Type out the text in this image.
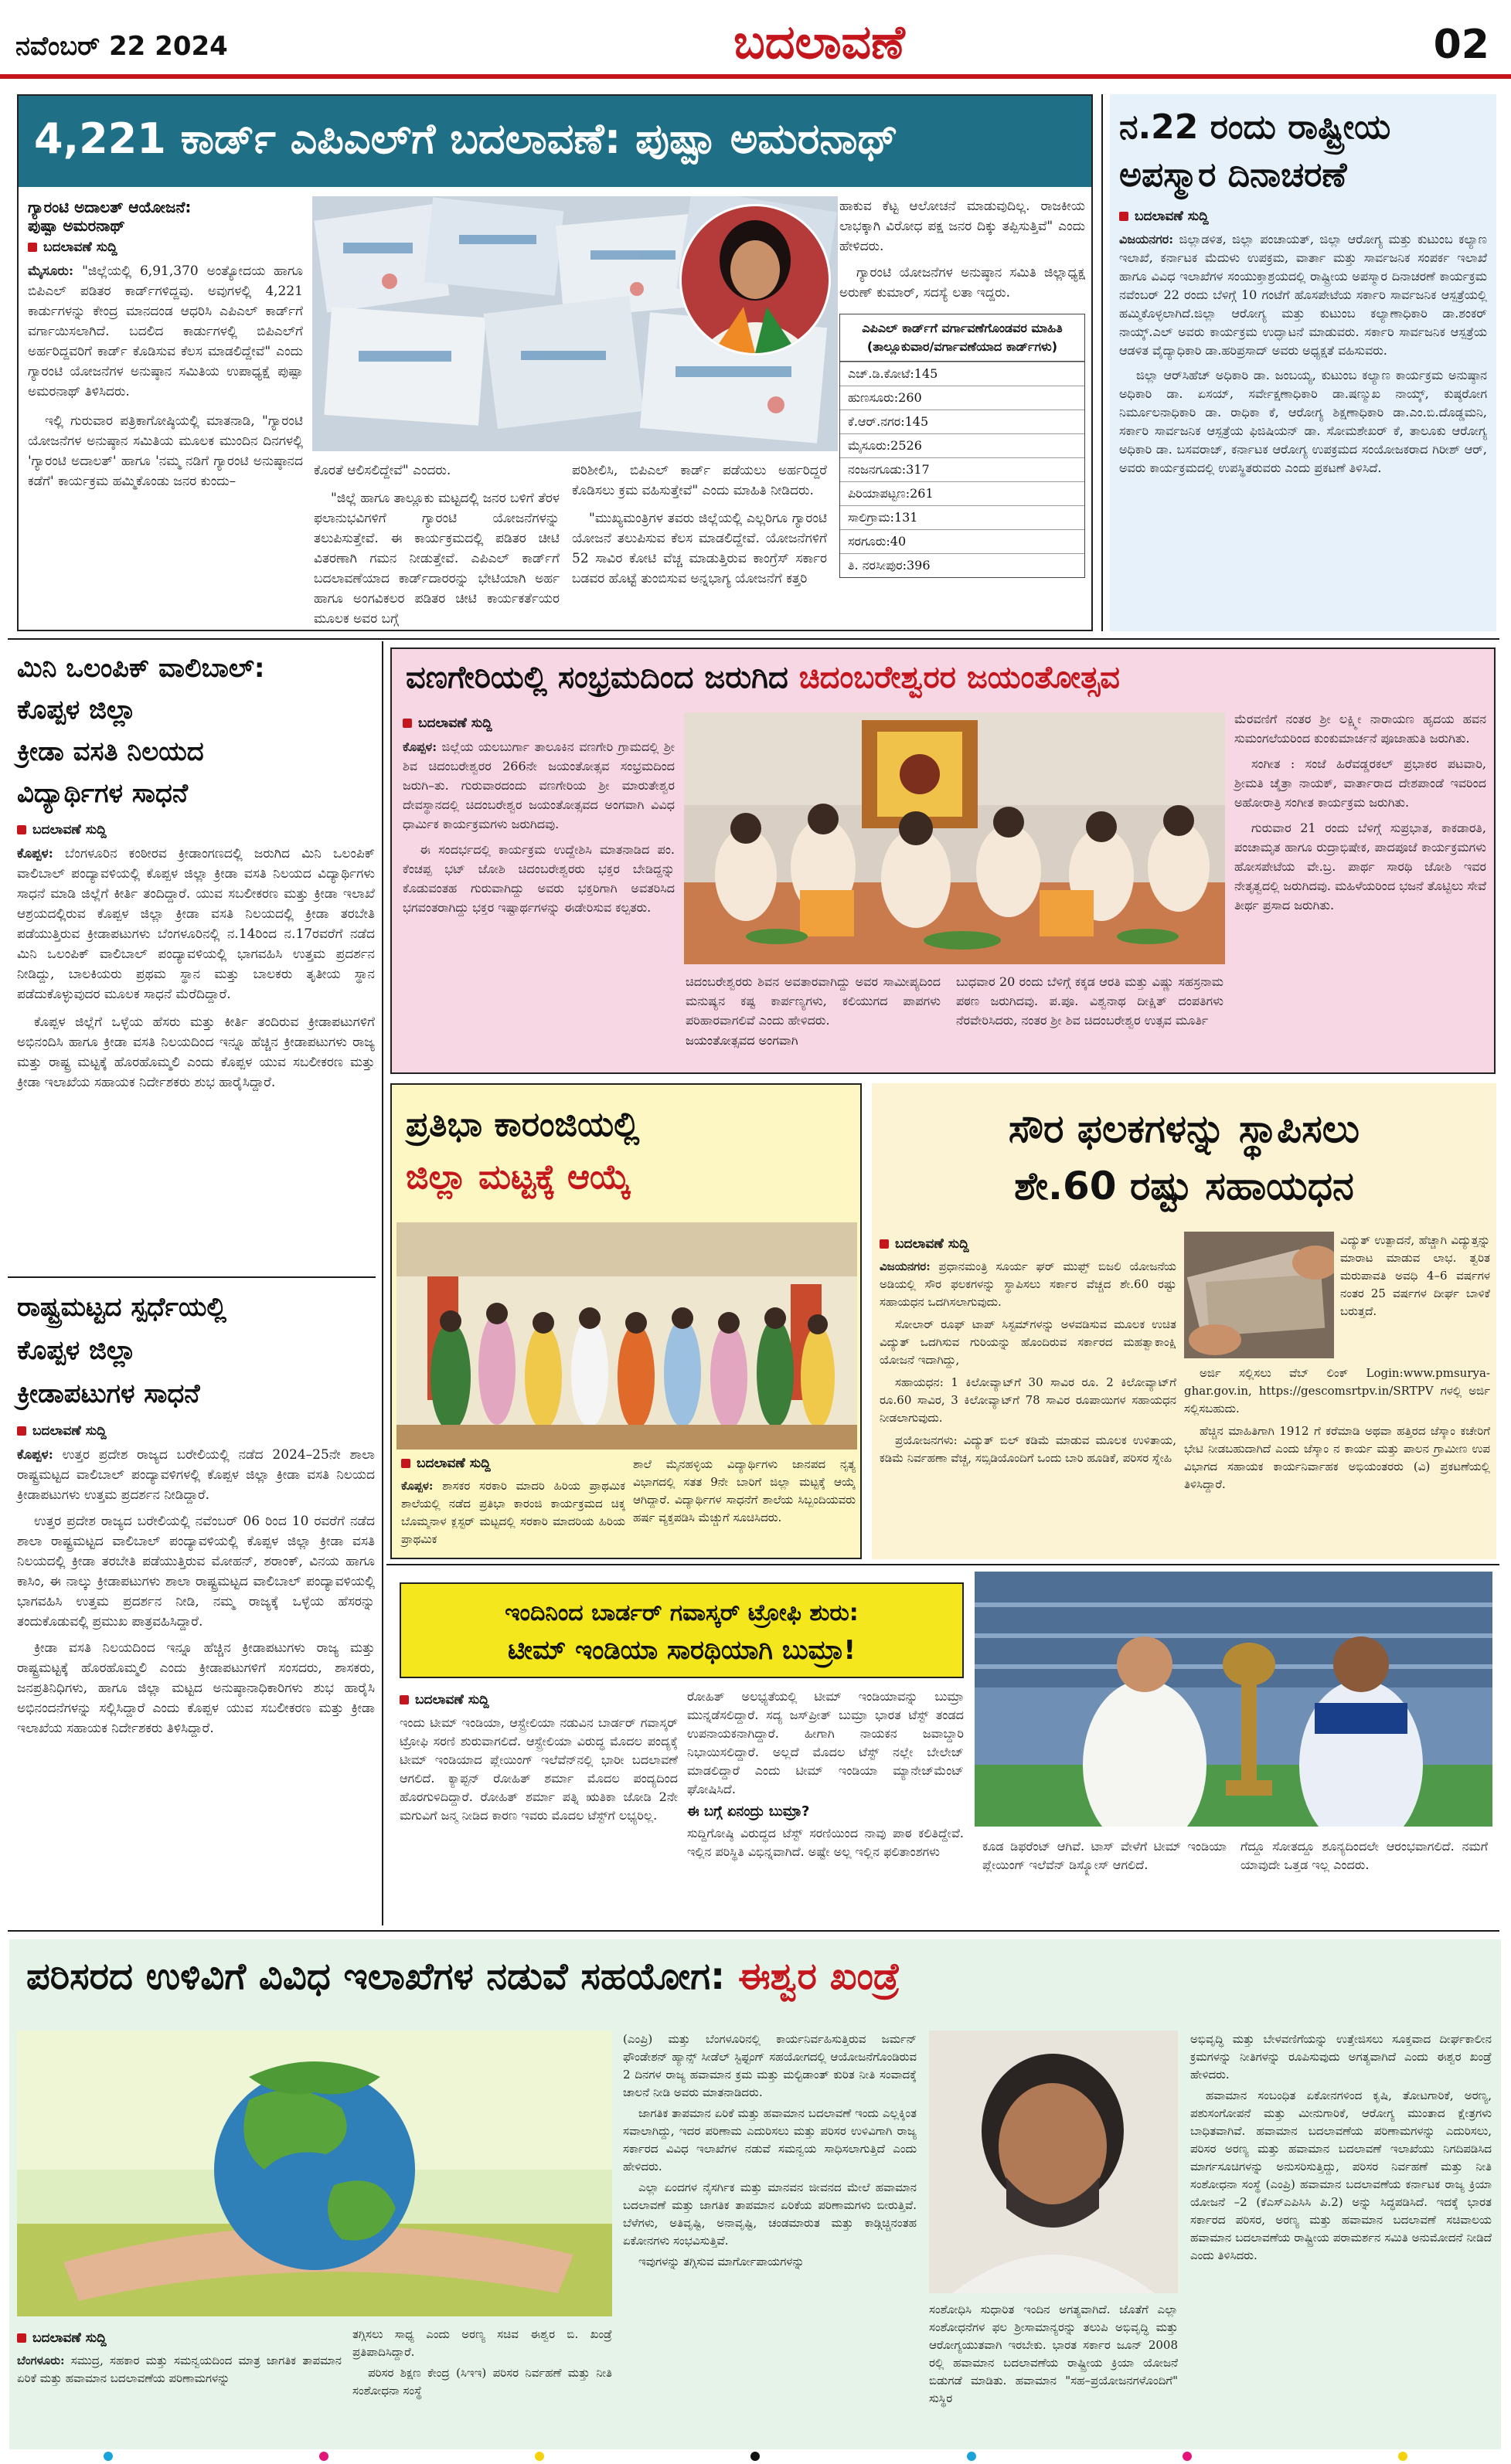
ನವೆಂಬರ್ 22 2024	ಬದಲಾವಣೆ	02
4,221 ಕಾರ್ಡ್ ಎಪಿಎಲ್‌ಗೆ ಬದಲಾವಣೆ: ಪುಷ್ಪಾ ಅಮರನಾಥ್
ಗ್ಯಾರಂಟಿ ಅದಾಲತ್ ಆಯೋಜನೆ:
ಪುಷ್ಪಾ ಅಮರನಾಥ್
ಬದಲಾವಣೆ ಸುದ್ದಿ

ಮೈಸೂರು: "ಜಿಲ್ಲೆಯಲ್ಲಿ 6,91,370 ಅಂತ್ಯೋದಯ ಹಾಗೂ ಬಿಪಿಎಲ್ ಪಡಿತರ ಕಾರ್ಡ್‌ಗಳಿದ್ದವು. ಅವುಗಳಲ್ಲಿ 4,221 ಕಾರ್ಡುಗಳನ್ನು ಕೇಂದ್ರ ಮಾನದಂಡ ಆಧರಿಸಿ ಎಪಿಎಲ್ ಕಾರ್ಡ್‌ಗೆ ವರ್ಗಾಯಿಸಲಾಗಿದೆ. ಬದಲಿದ ಕಾರ್ಡುಗಳಲ್ಲಿ ಬಿಪಿಎಲ್‌ಗೆ ಅರ್ಹರಿದ್ದವರಿಗೆ ಕಾರ್ಡ್ ಕೊಡಿಸುವ ಕೆಲಸ ಮಾಡಲಿದ್ದೇವೆ" ಎಂದು ಗ್ಯಾರಂಟಿ ಯೋಜನೆಗಳ ಅನುಷ್ಠಾನ ಸಮಿತಿಯ ಉಪಾಧ್ಯಕ್ಷೆ ಪುಷ್ಪಾ ಅಮರನಾಥ್ ತಿಳಿಸಿದರು.

ಇಲ್ಲಿ ಗುರುವಾರ ಪತ್ರಿಕಾಗೋಷ್ಠಿಯಲ್ಲಿ ಮಾತನಾಡಿ, "ಗ್ಯಾರಂಟಿ ಯೋಜನೆಗಳ ಅನುಷ್ಠಾನ ಸಮಿತಿಯ ಮೂಲಕ ಮುಂದಿನ ದಿನಗಳಲ್ಲಿ 'ಗ್ಯಾರಂಟಿ ಅದಾಲತ್' ಹಾಗೂ 'ನಮ್ಮ ನಡಿಗೆ ಗ್ಯಾರಂಟಿ ಅನುಷ್ಠಾನದ ಕಡೆಗೆ' ಕಾರ್ಯಕ್ರಮ ಹಮ್ಮಿಕೊಂಡು ಜನರ ಕುಂದು–

ಕೊರತೆ ಆಲಿಸಲಿದ್ದೇವೆ" ಎಂದರು.

"ಜಿಲ್ಲೆ ಹಾಗೂ ತಾಲ್ಲೂಕು ಮಟ್ಟದಲ್ಲಿ ಜನರ ಬಳಿಗೆ ತೆರಳ ಫಲಾನುಭವಿಗಳಿಗೆ ಗ್ಯಾರಂಟಿ ಯೋಜನೆಗಳನ್ನು ತಲುಪಿಸುತ್ತೇವೆ. ಈ ಕಾರ್ಯಕ್ರಮದಲ್ಲಿ ಪಡಿತರ ಚೀಟಿ ವಿತರಣಾಗಿ ಗಮನ ನೀಡುತ್ತೇವೆ. ಎಪಿಎಲ್ ಕಾರ್ಡ್‌ಗೆ ಬದಲಾವಣೆಯಾದ ಕಾರ್ಡ್‌ದಾರರನ್ನು ಭೇಟಿಯಾಗಿ ಅರ್ಹ ಹಾಗೂ ಅಂಗವಿಕಲರ ಪಡಿತರ ಚೀಟಿ ಕಾರ್ಯಕರ್ತೆಯರ ಮೂಲಕ ಅವರ ಬಗ್ಗೆ

ಪರಿಶೀಲಿಸಿ, ಬಿಪಿಎಲ್ ಕಾರ್ಡ್ ಪಡೆಯಲು ಅರ್ಹರಿದ್ದರೆ ಕೊಡಿಸಲು ಕ್ರಮ ವಹಿಸುತ್ತೇವೆ" ಎಂದು ಮಾಹಿತಿ ನೀಡಿದರು.

"ಮುಖ್ಯಮಂತ್ರಿಗಳ ತವರು ಜಿಲ್ಲೆಯಲ್ಲಿ ಎಲ್ಲರಿಗೂ ಗ್ಯಾರಂಟಿ ಯೋಜನೆ ತಲುಪಿಸುವ ಕೆಲಸ ಮಾಡಲಿದ್ದೇವೆ. ಯೋಜನೆಗಳಿಗೆ 52 ಸಾವಿರ ಕೋಟಿ ವೆಚ್ಚ ಮಾಡುತ್ತಿರುವ ಕಾಂಗ್ರೆಸ್ ಸರ್ಕಾರ ಬಡವರ ಹೊಟ್ಟೆ ತುಂಬಿಸುವ ಅನ್ನಭಾಗ್ಯ ಯೋಜನೆಗೆ ಕತ್ತರಿ

ಹಾಕುವ ಕೆಟ್ಟ ಆಲೋಚನೆ ಮಾಡುವುದಿಲ್ಲ. ರಾಜಕೀಯ ಲಾಭಕ್ಕಾಗಿ ವಿರೋಧ ಪಕ್ಷ ಜನರ ದಿಕ್ಕು ತಪ್ಪಿಸುತ್ತಿವೆ" ಎಂದು ಹೇಳಿದರು.

ಗ್ಯಾರಂಟಿ ಯೋಜನೆಗಳ ಅನುಷ್ಠಾನ ಸಮಿತಿ ಜಿಲ್ಲಾಧ್ಯಕ್ಷ ಅರುಣ್ ಕುಮಾರ್, ಸದಸ್ಯೆ ಲತಾ ಇದ್ದರು.

ಎಪಿಎಲ್ ಕಾರ್ಡ್‌ಗೆ ವರ್ಗಾವಣೆಗೊಂಡವರ ಮಾಹಿತಿ (ತಾಲ್ಲೂಕುವಾರ/ವರ್ಗಾವಣೆಯಾದ ಕಾರ್ಡ್‌ಗಳು)
ಎಚ್.ಡಿ.ಕೋಟೆ:145
ಹುಣಸೂರು:260
ಕೆ.ಆರ್.ನಗರ:145
ಮೈಸೂರು:2526
ನಂಜನಗೂಡು:317
ಪಿರಿಯಾಪಟ್ಟಣ:261
ಸಾಲಿಗ್ರಾಮ:131
ಸರಗೂರು:40
ತಿ. ನರಸೀಪುರ:396
ನ.22 ರಂದು ರಾಷ್ಟ್ರೀಯ
ಅಪಸ್ಮಾರ ದಿನಾಚರಣೆ
ಬದಲಾವಣೆ ಸುದ್ದಿ

ವಿಜಯನಗರ: ಜಿಲ್ಲಾಡಳಿತ, ಜಿಲ್ಲಾ ಪಂಚಾಯತ್, ಜಿಲ್ಲಾ ಆರೋಗ್ಯ ಮತ್ತು ಕುಟುಂಬ ಕಲ್ಯಾಣ ಇಲಾಖೆ, ಕರ್ನಾಟಕ ಮೆದುಳು ಉಪಕ್ರಮ, ವಾರ್ತಾ ಮತ್ತು ಸಾರ್ವಜನಿಕ ಸಂಪರ್ಕ ಇಲಾಖೆ ಹಾಗೂ ವಿವಿಧ ಇಲಾಖೆಗಳ ಸಂಯುಕ್ತಾಶ್ರಯದಲ್ಲಿ ರಾಷ್ಟ್ರೀಯ ಅಪಸ್ಮಾರ ದಿನಾಚರಣೆ ಕಾರ್ಯಕ್ರಮ ನವೆಂಬರ್ 22 ರಂದು ಬೆಳಿಗ್ಗೆ 10 ಗಂಟೆಗೆ ಹೊಸಪೇಟೆಯ ಸರ್ಕಾರಿ ಸಾರ್ವಜನಿಕ ಆಸ್ಪತ್ರೆಯಲ್ಲಿ ಹಮ್ಮಿಕೊಳ್ಳಲಾಗಿದೆ.ಜಿಲ್ಲಾ ಆರೋಗ್ಯ ಮತ್ತು ಕುಟುಂಬ ಕಲ್ಯಾಣಾಧಿಕಾರಿ ಡಾ.ಶಂಕರ್ ನಾಯ್ಕ್.ಎಲ್ ಅವರು ಕಾರ್ಯಕ್ರಮ ಉದ್ಘಾಟನೆ ಮಾಡುವರು. ಸರ್ಕಾರಿ ಸಾರ್ವಜನಿಕ ಆಸ್ಪತ್ರೆಯ ಆಡಳಿತ ವೈದ್ಯಾಧಿಕಾರಿ ಡಾ.ಹರಿಪ್ರಸಾದ್ ಅವರು ಅಧ್ಯಕ್ಷತೆ ವಹಿಸುವರು.

ಜಿಲ್ಲಾ ಆರ್‌ಸಿಹೆಚ್ ಅಧಿಕಾರಿ ಡಾ. ಜಂಬಯ್ಯ, ಕುಟುಂಬ ಕಲ್ಯಾಣ ಕಾರ್ಯಕ್ರಮ ಅನುಷ್ಠಾನ ಅಧಿಕಾರಿ ಡಾ. ಏಸಯ್, ಸರ್ವೇಕ್ಷಣಾಧಿಕಾರಿ ಡಾ.ಷಣ್ಮುಖ ನಾಯ್ಕ್, ಕುಷ್ಠರೋಗ ನಿರ್ಮೂಲನಾಧಿಕಾರಿ ಡಾ. ರಾಧಿಕಾ ಕೆ, ಆರೋಗ್ಯ ಶಿಕ್ಷಣಾಧಿಕಾರಿ ಡಾ.ಎಂ.ಬಿ.ದೊಡ್ಡಮನಿ, ಸರ್ಕಾರಿ ಸಾರ್ವಜನಿಕ ಆಸ್ಪತ್ರೆಯ ಫಿಜಿಷಿಯನ್ ಡಾ. ಸೋಮಶೇಖರ್ ಕೆ, ತಾಲೂಕು ಆರೋಗ್ಯ ಅಧಿಕಾರಿ ಡಾ. ಬಸವರಾಜ್, ಕರ್ನಾಟಕ ಆರೋಗ್ಯ ಉಪಕ್ರಮದ ಸಂಯೋಜಕರಾದ ಗಿರೀಶ್ ಆರ್, ಅವರು ಕಾರ್ಯಕ್ರಮದಲ್ಲಿ ಉಪಸ್ಥಿತರುವರು ಎಂದು ಪ್ರಕಟಣೆ ತಿಳಿಸಿದೆ.

ಮಿನಿ ಒಲಂಪಿಕ್ ವಾಲಿಬಾಲ್:
ಕೊಪ್ಪಳ ಜಿಲ್ಲಾ
ಕ್ರೀಡಾ ವಸತಿ ನಿಲಯದ
ವಿದ್ಯಾರ್ಥಿಗಳ ಸಾಧನೆ
ಬದಲಾವಣೆ ಸುದ್ದಿ

ಕೊಪ್ಪಳ: ಬೆಂಗಳೂರಿನ ಕಂಠೀರವ ಕ್ರೀಡಾಂಗಣದಲ್ಲಿ ಜರುಗಿದ ಮಿನಿ ಒಲಂಪಿಕ್ ವಾಲಿಬಾಲ್ ಪಂದ್ಯಾವಳಿಯಲ್ಲಿ ಕೊಪ್ಪಳ ಜಿಲ್ಲಾ ಕ್ರೀಡಾ ವಸತಿ ನಿಲಯದ ವಿದ್ಯಾರ್ಥಿಗಳು ಸಾಧನೆ ಮಾಡಿ ಜಿಲ್ಲೆಗೆ ಕೀರ್ತಿ ತಂದಿದ್ದಾರೆ. ಯುವ ಸಬಲೀಕರಣ ಮತ್ತು ಕ್ರೀಡಾ ಇಲಾಖೆ ಆಶ್ರಯದಲ್ಲಿರುವ ಕೊಪ್ಪಳ ಜಿಲ್ಲಾ ಕ್ರೀಡಾ ವಸತಿ ನಿಲಯದಲ್ಲಿ ಕ್ರೀಡಾ ತರಬೇತಿ ಪಡೆಯುತ್ತಿರುವ ಕ್ರೀಡಾಪಟುಗಳು ಬೆಂಗಳೂರಿನಲ್ಲಿ ನ.14ರಿಂದ ನ.17ರವರೆಗೆ ನಡೆದ ಮಿನಿ ಒಲಂಪಿಕ್ ವಾಲಿಬಾಲ್ ಪಂದ್ಯಾವಳಿಯಲ್ಲಿ ಭಾಗವಹಿಸಿ ಉತ್ತಮ ಪ್ರದರ್ಶನ ನೀಡಿದ್ದು, ಬಾಲಕಿಯರು ಪ್ರಥಮ ಸ್ಥಾನ ಮತ್ತು ಬಾಲಕರು ತೃತೀಯ ಸ್ಥಾನ ಪಡೆದುಕೊಳ್ಳುವುದರ ಮೂಲಕ ಸಾಧನೆ ಮೆರೆದಿದ್ದಾರೆ.

ಕೊಪ್ಪಳ ಜಿಲ್ಲೆಗೆ ಒಳ್ಳೆಯ ಹೆಸರು ಮತ್ತು ಕೀರ್ತಿ ತಂದಿರುವ ಕ್ರೀಡಾಪಟುಗಳಿಗೆ ಅಭಿನಂದಿಸಿ ಹಾಗೂ ಕ್ರೀಡಾ ವಸತಿ ನಿಲಯದಿಂದ ಇನ್ನೂ ಹೆಚ್ಚಿನ ಕ್ರೀಡಾಪಟುಗಳು ರಾಜ್ಯ ಮತ್ತು ರಾಷ್ಟ್ರ ಮಟ್ಟಕ್ಕೆ ಹೊರಹೊಮ್ಮಲಿ ಎಂದು ಕೊಪ್ಪಳ ಯುವ ಸಬಲೀಕರಣ ಮತ್ತು ಕ್ರೀಡಾ ಇಲಾಖೆಯ ಸಹಾಯಕ ನಿರ್ದೇಶಕರು ಶುಭ ಹಾರೈಸಿದ್ದಾರೆ.

ರಾಷ್ಟ್ರಮಟ್ಟದ ಸ್ಪರ್ಧೆಯಲ್ಲಿ
ಕೊಪ್ಪಳ ಜಿಲ್ಲಾ
ಕ್ರೀಡಾಪಟುಗಳ ಸಾಧನೆ
ಬದಲಾವಣೆ ಸುದ್ದಿ

ಕೊಪ್ಪಳ: ಉತ್ತರ ಪ್ರದೇಶ ರಾಜ್ಯದ ಬರೇಲಿಯಲ್ಲಿ ನಡೆದ 2024–25ನೇ ಶಾಲಾ ರಾಷ್ಟ್ರಮಟ್ಟದ ವಾಲಿಬಾಲ್ ಪಂದ್ಯಾವಳಿಗಳಲ್ಲಿ ಕೊಪ್ಪಳ ಜಿಲ್ಲಾ ಕ್ರೀಡಾ ವಸತಿ ನಿಲಯದ ಕ್ರೀಡಾಪಟುಗಳು ಉತ್ತಮ ಪ್ರದರ್ಶನ ನೀಡಿದ್ದಾರೆ.

ಉತ್ತರ ಪ್ರದೇಶ ರಾಜ್ಯದ ಬರೇಲಿಯಲ್ಲಿ ನವೆಂಬರ್ 06 ರಿಂದ 10 ರವರೆಗೆ ನಡೆದ ಶಾಲಾ ರಾಷ್ಟ್ರಮಟ್ಟದ ವಾಲಿಬಾಲ್ ಪಂದ್ಯಾವಳಿಯಲ್ಲಿ ಕೊಪ್ಪಳ ಜಿಲ್ಲಾ ಕ್ರೀಡಾ ವಸತಿ ನಿಲಯದಲ್ಲಿ ಕ್ರೀಡಾ ತರಬೇತಿ ಪಡೆಯುತ್ತಿರುವ ಮೋಹನ್, ಶರಾಂಕ್, ವಿನಯ ಹಾಗೂ ಕಾಸಿಂ, ಈ ನಾಲ್ಕು ಕ್ರೀಡಾಪಟುಗಳು ಶಾಲಾ ರಾಷ್ಟ್ರಮಟ್ಟದ ವಾಲಿಬಾಲ್ ಪಂದ್ಯಾವಳಿಯಲ್ಲಿ ಭಾಗವಹಿಸಿ ಉತ್ತಮ ಪ್ರದರ್ಶನ ನೀಡಿ, ನಮ್ಮ ರಾಜ್ಯಕ್ಕೆ ಒಳ್ಳೆಯ ಹೆಸರನ್ನು ತಂದುಕೊಡುವಲ್ಲಿ ಪ್ರಮುಖ ಪಾತ್ರವಹಿಸಿದ್ದಾರೆ.

ಕ್ರೀಡಾ ವಸತಿ ನಿಲಯದಿಂದ ಇನ್ನೂ ಹೆಚ್ಚಿನ ಕ್ರೀಡಾಪಟುಗಳು ರಾಜ್ಯ ಮತ್ತು ರಾಷ್ಟ್ರಮಟ್ಟಕ್ಕೆ ಹೊರಹೊಮ್ಮಲಿ ಎಂದು ಕ್ರೀಡಾಪಟುಗಳಿಗೆ ಸಂಸದರು, ಶಾಸಕರು, ಜನಪ್ರತಿನಿಧಿಗಳು, ಹಾಗೂ ಜಿಲ್ಲಾ ಮಟ್ಟದ ಅನುಷ್ಠಾನಾಧಿಕಾರಿಗಳು ಶುಭ ಹಾರೈಸಿ ಅಭಿನಂದನೆಗಳನ್ನು ಸಲ್ಲಿಸಿದ್ದಾರೆ ಎಂದು ಕೊಪ್ಪಳ ಯುವ ಸಬಲೀಕರಣ ಮತ್ತು ಕ್ರೀಡಾ ಇಲಾಖೆಯ ಸಹಾಯಕ ನಿರ್ದೇಶಕರು ತಿಳಿಸಿದ್ದಾರೆ.

ವಣಗೇರಿಯಲ್ಲಿ ಸಂಭ್ರಮದಿಂದ ಜರುಗಿದ ಚಿದಂಬರೇಶ್ವರರ ಜಯಂತೋತ್ಸವ
ಬದಲಾವಣೆ ಸುದ್ದಿ

ಕೊಪ್ಪಳ: ಜಿಲ್ಲೆಯ ಯಲಬುರ್ಗಾ ತಾಲೂಕಿನ ವಣಗೇರಿ ಗ್ರಾಮದಲ್ಲಿ ಶ್ರೀ ಶಿವ ಚಿದಂಬರೇಶ್ವರರ 266ನೇ ಜಯಂತೋತ್ಸವ ಸಂಭ್ರಮದಿಂದ ಜರುಗಿ–ತು. ಗುರುವಾರದಂದು ವಣಗೇರಿಯ ಶ್ರೀ ಮಾರುತೇಶ್ವರ ದೇವಸ್ಥಾನದಲ್ಲಿ ಚಿದಂಬರೇಶ್ವರ ಜಯಂತೋತ್ಸವದ ಅಂಗವಾಗಿ ವಿವಿಧ ಧಾರ್ಮಿಕ ಕಾರ್ಯಕ್ರಮಗಳು ಜರುಗಿದವು.

ಈ ಸಂದರ್ಭದಲ್ಲಿ ಕಾರ್ಯಕ್ರಮ ಉದ್ದೇಶಿಸಿ ಮಾತನಾಡಿದ ಪಂ. ಕೆಂಚಪ್ಪ ಭಟ್ ಜೋಶಿ ಚಿದಂಬರೇಶ್ವರರು ಭಕ್ತರ ಬೇಡಿದ್ದನ್ನು ಕೊಡುವಂತಹ ಗುರುವಾಗಿದ್ದು ಅವರು ಭಕ್ತರಿಗಾಗಿ ಅವತರಿಸಿದ ಭಗವಂತರಾಗಿದ್ದು ಭಕ್ತರ ಇಷ್ಟಾರ್ಥಗಳನ್ನು ಈಡೇರಿಸುವ ಕಲ್ಪತರು.

ಚಿದಂಬರೇಶ್ವರರು ಶಿವನ ಅವತಾರವಾಗಿದ್ದು ಅವರ ಸಾಮೀಪ್ಯದಿಂದ ಮನುಷ್ಯನ ಕಷ್ಟ ಕಾರ್ಪಣ್ಯಗಳು, ಕಲಿಯುಗದ ಪಾಪಗಳು ಪರಿಹಾರವಾಗಲಿವೆ ಎಂದು ಹೇಳಿದರು.

ಜಯಂತೋತ್ಸವದ ಅಂಗವಾಗಿ

ಬುಧವಾರ 20 ರಂದು ಬೆಳಿಗ್ಗೆ ಕಕ್ಕಡ ಆರತಿ ಮತ್ತು ವಿಷ್ಣು ಸಹಸ್ರನಾಮ ಪಠಣ ಜರುಗಿದವು. ಪ.ಪೂ. ವಿಶ್ವನಾಥ ದೀಕ್ಷಿತ್ ದಂಪತಿಗಳು ನೆರವೇರಿಸಿದರು, ನಂತರ ಶ್ರೀ ಶಿವ ಚಿದಂಬರೇಶ್ವರ ಉತ್ಸವ ಮೂರ್ತಿ

ಮೆರವಣಿಗೆ ನಂತರ ಶ್ರೀ ಲಕ್ಷ್ಮೀ ನಾರಾಯಣ ಹೃದಯ ಹವನ ಸುಮಂಗಲೆಯರಿಂದ ಕುಂಕುಮಾರ್ಚನೆ ಪೂಜಾಹುತಿ ಜರುಗಿತು.

ಸಂಗೀತ : ಸಂಜೆ ಹಿರೆವಡ್ಡರಕಲ್ ಪ್ರಭಾಕರ ಪಟವಾರಿ, ಶ್ರೀಮತಿ ಚೈತ್ರಾ ನಾಯಕ್, ವಾರ್ತಾರಾದ ದೇಶಪಾಂಡೆ ಇವರಿಂದ ಅಹೋರಾತ್ರಿ ಸಂಗೀತ ಕಾರ್ಯಕ್ರಮ ಜರುಗಿತು.

ಗುರುವಾರ 21 ರಂದು ಬೆಳಿಗ್ಗೆ ಸುಪ್ರಭಾತ, ಕಾಕಡಾರತಿ, ಪಂಚಾಮೃತ ಹಾಗೂ ರುದ್ರಾಭಿಷೇಕ, ಪಾದಪೂಜೆ ಕಾರ್ಯಕ್ರಮಗಳು ಹೋಸಪೇಟೆಯ ವೇ.ಬ್ರ. ಪಾರ್ಥ ಸಾರಥಿ ಜೋಶಿ ಇವರ ನೇತೃತ್ವದಲ್ಲಿ ಜರುಗಿದವು. ಮಹಿಳೆಯರಿಂದ ಭಜನೆ ತೊಟ್ಟಿಲು ಸೇವೆ ತೀರ್ಥ ಪ್ರಸಾದ ಜರುಗಿತು.

ಪ್ರತಿಭಾ ಕಾರಂಜಿಯಲ್ಲಿ
ಜಿಲ್ಲಾ ಮಟ್ಟಕ್ಕೆ ಆಯ್ಕೆ
ಬದಲಾವಣೆ ಸುದ್ದಿ

ಕೊಪ್ಪಳ: ಶಾಸಕರ ಸರಕಾರಿ ಮಾದರಿ ಹಿರಿಯ ಪ್ರಾಥಮಿಕ ಶಾಲೆಯಲ್ಲಿ ನಡೆದ ಪ್ರತಿಭಾ ಕಾರಂಜಿ ಕಾರ್ಯಕ್ರಮದ ಚಿಕ್ಕ ಬೊಮ್ಮನಾಳ ಕ್ಲಸ್ಟರ್ ಮಟ್ಟದಲ್ಲಿ ಸರಕಾರಿ ಮಾದರಿಯ ಹಿರಿಯ ಪ್ರಾಥಮಿಕ

ಶಾಲೆ ಮೈನಹಳ್ಳಿಯ ವಿದ್ಯಾರ್ಥಿಗಳು ಜಾನಪದ ನೃತ್ಯ ವಿಭಾಗದಲ್ಲಿ ಸತತ 9ನೇ ಬಾರಿಗೆ ಜಿಲ್ಲಾ ಮಟ್ಟಕ್ಕೆ ಆಯ್ಕೆ ಆಗಿದ್ದಾರೆ. ವಿದ್ಯಾರ್ಥಿಗಳ ಸಾಧನೆಗೆ ಶಾಲೆಯ ಸಿಬ್ಬಂದಿಯವರು ಹರ್ಷ ವ್ಯಕ್ತಪಡಿಸಿ ಮೆಚ್ಚುಗೆ ಸೂಚಿಸಿದರು.

ಸೌರ ಫಲಕಗಳನ್ನು ಸ್ಥಾಪಿಸಲು
ಶೇ.60 ರಷ್ಟು ಸಹಾಯಧನ
ಬದಲಾವಣೆ ಸುದ್ದಿ

ವಿಜಯನಗರ: ಪ್ರಧಾನಮಂತ್ರಿ ಸೂರ್ಯ ಘರ್ ಮುಫ್ತ್ ಬಿಜಲಿ ಯೋಜನೆಯ ಅಡಿಯಲ್ಲಿ ಸೌರ ಫಲಕಗಳನ್ನು ಸ್ಥಾಪಿಸಲು ಸರ್ಕಾರ ವೆಚ್ಚದ ಶೇ.60 ರಷ್ಟು ಸಹಾಯಧನ ಒದಗಿಸಲಾಗುವುದು.

ಸೋಲಾರ್ ರೂಫ್ ಟಾಪ್ ಸಿಸ್ಟಮ್‌ಗಳನ್ನು ಅಳವಡಿಸುವ ಮೂಲಕ ಉಚಿತ ವಿದ್ಯುತ್ ಒದಗಿಸುವ ಗುರಿಯನ್ನು ಹೊಂದಿರುವ ಸರ್ಕಾರದ ಮಹತ್ವಾಕಾಂಕ್ಷಿ ಯೋಜನೆ ಇದಾಗಿದ್ದು,

ಸಹಾಯಧನ: 1 ಕಿಲೋವ್ಯಾಟ್‌ಗೆ 30 ಸಾವಿರ ರೂ. 2 ಕಿಲೋವ್ಯಾಟ್‌ಗೆ ರೂ.60 ಸಾವಿರ, 3 ಕಿಲೋವ್ಯಾಟ್‌ಗೆ 78 ಸಾವಿರ ರೂಪಾಯಿಗಳ ಸಹಾಯಧನ ನೀಡಲಾಗುವುದು.

ಪ್ರಯೋಜನಗಳು: ವಿದ್ಯುತ್ ಬಿಲ್ ಕಡಿಮೆ ಮಾಡುವ ಮೂಲಕ ಉಳಿತಾಯ, ಕಡಿಮೆ ನಿರ್ವಹಣಾ ವೆಚ್ಚ, ಸಬ್ಸಿಡಿಯೊಂದಿಗೆ ಒಂದು ಬಾರಿ ಹೂಡಿಕೆ, ಪರಿಸರ ಸ್ನೇಹಿ

ವಿದ್ಯುತ್ ಉತ್ಪಾದನೆ, ಹೆಚ್ಚಾಗಿ ವಿದ್ಯುತ್ತನ್ನು ಮಾರಾಟ ಮಾಡುವ ಲಾಭ. ತ್ವರಿತ ಮರುಪಾವತಿ ಅವಧಿ 4–6 ವರ್ಷಗಳ ನಂತರ 25 ವರ್ಷಗಳ ದೀರ್ಘ ಬಾಳಿಕೆ ಬರುತ್ತದೆ.

ಅರ್ಜಿ ಸಲ್ಲಿಸಲು ವೆಬ್ ಲಿಂಕ್ Login:www.pmsurya-ghar.gov.in, https://gescomsrtpv.in/SRTPV ಗಳಲ್ಲಿ ಅರ್ಜಿ ಸಲ್ಲಿಸಬಹುದು.

ಹೆಚ್ಚಿನ ಮಾಹಿತಿಗಾಗಿ 1912 ಗೆ ಕರೆಮಾಡಿ ಅಥವಾ ಹತ್ತಿರದ ಜೆಸ್ಕಾಂ ಕಚೇರಿಗೆ ಭೇಟಿ ನೀಡಬಹುದಾಗಿದೆ ಎಂದು ಜೆಸ್ಕಾಂ ನ ಕಾರ್ಯ ಮತ್ತು ಪಾಲನ ಗ್ರಾಮೀಣ ಉಪ ವಿಭಾಗದ ಸಹಾಯಕ ಕಾರ್ಯನಿರ್ವಾಹಕ ಅಭಿಯಂತರರು (ವಿ) ಪ್ರಕಟಣೆಯಲ್ಲಿ ತಿಳಿಸಿದ್ದಾರೆ.

ಇಂದಿನಿಂದ ಬಾರ್ಡರ್ ಗವಾಸ್ಕರ್ ಟ್ರೋಫಿ ಶುರು:
ಟೀಮ್ ಇಂಡಿಯಾ ಸಾರಥಿಯಾಗಿ ಬುಮ್ರಾ!
ಬದಲಾವಣೆ ಸುದ್ದಿ

ಇಂದು ಟೀಮ್ ಇಂಡಿಯಾ, ಆಸ್ಟ್ರೇಲಿಯಾ ನಡುವಿನ ಬಾರ್ಡರ್ ಗವಾಸ್ಕರ್ ಟ್ರೋಫಿ ಸರಣಿ ಶುರುವಾಗಲಿದೆ. ಆಸ್ಟ್ರೇಲಿಯಾ ವಿರುದ್ಧ ಮೊದಲ ಪಂದ್ಯಕ್ಕೆ ಟೀಮ್ ಇಂಡಿಯಾದ ಪ್ಲೇಯಿಂಗ್ ಇಲೆವೆನ್‌ನಲ್ಲಿ ಭಾರೀ ಬದಲಾವಣೆ ಆಗಲಿದೆ. ಕ್ಯಾಪ್ಟನ್ ರೋಹಿತ್ ಶರ್ಮಾ ಮೊದಲ ಪಂದ್ಯದಿಂದ ಹೊರಗುಳಿದಿದ್ದಾರೆ. ರೋಹಿತ್ ಶರ್ಮಾ ಪತ್ನಿ ಋತಿಕಾ ಜೋಡಿ 2ನೇ ಮಗುವಿಗೆ ಜನ್ಮ ನೀಡಿದ ಕಾರಣ ಇವರು ಮೊದಲ ಟೆಸ್ಟ್‌ಗೆ ಲಭ್ಯರಿಲ್ಲ.

ರೋಹಿತ್ ಅಲಭ್ಯತೆಯಲ್ಲಿ ಟೀಮ್ ಇಂಡಿಯಾವನ್ನು ಬುಮ್ರಾ ಮುನ್ನಡೆಸಲಿದ್ದಾರೆ. ಸದ್ಯ ಜಸ್‌ಪ್ರೀತ್ ಬುಮ್ರಾ ಭಾರತ ಟೆಸ್ಟ್ ತಂಡದ ಉಪನಾಯಕನಾಗಿದ್ದಾರೆ. ಹೀಗಾಗಿ ನಾಯಕನ ಜವಾಬ್ದಾರಿ ನಿಭಾಯಿಸಲಿದ್ದಾರೆ. ಅಲ್ಲದೆ ಮೊದಲ ಟೆಸ್ಟ್ ನಲ್ಲೇ ಬೇಲೇಜ್ ಮಾಡಲಿದ್ದಾರೆ ಎಂದು ಟೀಮ್ ಇಂಡಿಯಾ ಮ್ಯಾನೇಜ್‌ಮೆಂಟ್ ಘೋಷಿಸಿದೆ.

ಈ ಬಗ್ಗೆ ಏನಂದ್ರು ಬುಮ್ರಾ?

ಸುದ್ದಿಗೋಷ್ಠಿ ವಿರುದ್ಧದ ಟೆಸ್ಟ್ ಸರಣಿಯಿಂದ ನಾವು ಪಾಠ ಕಲಿತಿದ್ದೇವೆ. ಇಲ್ಲಿನ ಪರಿಸ್ಥಿತಿ ವಿಭಿನ್ನವಾಗಿದೆ. ಅಷ್ಟೇ ಅಲ್ಲ ಇಲ್ಲಿನ ಫಲಿತಾಂಶಗಳು	ಕೂಡ ಡಿಫರೆಂಟ್ ಆಗಿವೆ. ಟಾಸ್ ವೇಳೆಗೆ ಟೀಮ್ ಇಂಡಿಯಾ ಪ್ಲೇಯಿಂಗ್ ಇಲೆವೆನ್ ಡಿಸ್ಕ್ಲೋಸ್ ಆಗಲಿದೆ.

ಗೆದ್ದೂ ಸೋತದ್ದೂ ಶೂನ್ಯದಿಂದಲೇ ಆರಂಭವಾಗಲಿದೆ. ನಮಗೆ ಯಾವುದೇ ಒತ್ತಡ ಇಲ್ಲ ಎಂದರು.

ಪರಿಸರದ ಉಳಿವಿಗೆ ವಿವಿಧ ಇಲಾಖೆಗಳ ನಡುವೆ ಸಹಯೋಗ: ಈಶ್ವರ ಖಂಡ್ರೆ
ಬದಲಾವಣೆ ಸುದ್ದಿ

ಬೆಂಗಳೂರು: ಸಮುದ್ರ, ಸಹಕಾರ ಮತ್ತು ಸಮನ್ವಯದಿಂದ ಮಾತ್ರ ಜಾಗತಿಕ ತಾಪಮಾನ ಏರಿಕೆ ಮತ್ತು ಹವಾಮಾನ ಬದಲಾವಣೆಯ ಪರಿಣಾಮಗಳನ್ನು

ತಗ್ಗಿಸಲು ಸಾಧ್ಯ ಎಂದು ಅರಣ್ಯ ಸಚಿವ ಈಶ್ವರ ಬಿ. ಖಂಡ್ರೆ ಪ್ರತಿಪಾದಿಸಿದ್ದಾರೆ.

ಪರಿಸರ ಶಿಕ್ಷಣ ಕೇಂದ್ರ (ಸಿಇಇ) ಪರಿಸರ ನಿರ್ವಹಣೆ ಮತ್ತು ನೀತಿ ಸಂಶೋಧನಾ ಸಂಸ್ಥೆ

(ಎಂಪ್ರಿ) ಮತ್ತು ಬೆಂಗಳೂರಿನಲ್ಲಿ ಕಾರ್ಯನಿರ್ವಹಿಸುತ್ತಿರುವ ಜರ್ಮನ್ ಫೌಂಡೇಶನ್ ಹ್ಯಾನ್ಸ್ ಸೀಡೆಲ್ ಸ್ಟಿಫ್ಟಂಗ್ ಸಹಯೋಗದಲ್ಲಿ ಆಯೋಜನೆಗೊಂಡಿರುವ 2 ದಿನಗಳ ರಾಜ್ಯ ಹವಾಮಾನ ಕ್ರಮ ಮತ್ತು ಮಲ್ಟಿಡಾಂತ್ ಕುರಿತ ನೀತಿ ಸಂವಾದಕ್ಕೆ ಚಾಲನೆ ನೀಡಿ ಅವರು ಮಾತನಾಡಿದರು.

ಜಾಗತಿಕ ತಾಪಮಾನ ಏರಿಕೆ ಮತ್ತು ಹವಾಮಾನ ಬದಲಾವಣೆ ಇಂದು ಎಲ್ಲಕ್ಕಿಂತ ಸವಾಲಾಗಿದ್ದು, ಇದರ ಪರಿಣಾಮ ಎದುರಿಸಲು ಮತ್ತು ಪರಿಸರ ಉಳಿವಿಗಾಗಿ ರಾಜ್ಯ ಸರ್ಕಾರದ ವಿವಿಧ ಇಲಾಖೆಗಳ ನಡುವೆ ಸಮನ್ವಯ ಸಾಧಿಸಲಾಗುತ್ತಿದೆ ಎಂದು ಹೇಳಿದರು.

ಎಲ್ಲಾ ಏಂದಗಳ ನೈಸರ್ಗಿಕ ಮತ್ತು ಮಾನವನ ಜೀವನದ ಮೇಲೆ ಹವಾಮಾನ ಬದಲಾವಣೆ ಮತ್ತು ಜಾಗತಿಕ ತಾಪಮಾನ ಏರಿಕೆಯ ಪರಿಣಾಮಗಳು ಬೀರುತ್ತಿವೆ. ಬೆಳೆಗಳು, ಅತಿವೃಷ್ಟಿ, ಅನಾವೃಷ್ಟಿ, ಚಂಡಮಾರುತ ಮತ್ತು ಕಾಡ್ಗಿಚ್ಚಿನಂತಹ ಏಕೋನಗಳು ಸಂಭವಿಸುತ್ತಿವೆ.

ಇವುಗಳನ್ನು ತಗ್ಗಿಸುವ ಮಾರ್ಗೋಪಾಯಗಳನ್ನು

ಸಂಶೋಧಿಸಿ ಸುಧಾರಿತ ಇಂದಿನ ಅಗತ್ಯವಾಗಿದೆ. ಜೊತೆಗೆ ಎಲ್ಲಾ ಸಂಶೋಧನೆಗಳ ಫಲ ಶ್ರೀಸಾಮಾನ್ಯರನ್ನು ತಲುಪಿ ಅಭಿವೃದ್ಧಿ ಮತ್ತು ಆರೋಗ್ಯಯುತವಾಗಿ ಇರಬೇಕು. ಭಾರತ ಸರ್ಕಾರ ಜೂನ್ 2008 ರಲ್ಲಿ ಹವಾಮಾನ ಬದಲಾವಣೆಯ ರಾಷ್ಟ್ರೀಯ ಕ್ರಿಯಾ ಯೋಜನೆ ಬಿಡುಗಡೆ ಮಾಡಿತು. ಹವಾಮಾನ "ಸಹ–ಪ್ರಯೋಜನಗಳೊಂದಿಗೆ" ಸುಸ್ಥಿರ

ಅಭಿವೃದ್ಧಿ ಮತ್ತು ಬೇಳವಣಿಗೆಯನ್ನು ಉತ್ತೇಜಿಸಲು ಸೂಕ್ತವಾದ ದೀರ್ಘಕಾಲೀನ ಕ್ರಮಗಳನ್ನು ನೀತಿಗಳನ್ನು ರೂಪಿಸುವುದು ಅಗತ್ಯವಾಗಿದೆ ಎಂದು ಈಶ್ವರ ಖಂಡ್ರೆ ಹೇಳಿದರು.

ಹವಾಮಾನ ಸಂಬಂಧಿತ ಏಕೋನಗಳಿಂದ ಕೃಷಿ, ತೋಟಗಾರಿಕೆ, ಅರಣ್ಯ, ಪಶುಸಂಗೋಪನೆ ಮತ್ತು ಮೀನುಗಾರಿಕೆ, ಆರೋಗ್ಯ ಮುಂತಾದ ಕ್ಷೇತ್ರಗಳು ಬಾಧಿತವಾಗಿವೆ. ಹವಾಮಾನ ಬದಲಾವಣೆಯ ಪರಿಣಾಮಗಳನ್ನು ಎದುರಿಸಲು, ಪರಿಸರ ಅರಣ್ಯ ಮತ್ತು ಹವಾಮಾನ ಬದಲಾವಣೆ ಇಲಾಖೆಯು ನಿಗದಿಪಡಿಸಿದ ಮಾರ್ಗಸೂಚಿಗಳನ್ನು ಅನುಸರಿಸುತ್ತಿದ್ದು, ಪರಿಸರ ನಿರ್ವಹಣೆ ಮತ್ತು ನೀತಿ ಸಂಶೋಧನಾ ಸಂಸ್ಥೆ (ಎಂಪ್ರಿ) ಹವಾಮಾನ ಬದಲಾವಣೆಯ ಕರ್ನಾಟಕ ರಾಜ್ಯ ಕ್ರಿಯಾ ಯೋಜನೆ –2 (ಕೆಎಸ್‌ಎಪಿಸಿಸಿ ಪಿ.2) ಅನ್ನು ಸಿದ್ಧಪಡಿಸಿದೆ. ಇದಕ್ಕೆ ಭಾರತ ಸರ್ಕಾರದ ಪರಿಸರ, ಅರಣ್ಯ ಮತ್ತು ಹವಾಮಾನ ಬದಲಾವಣೆ ಸಚಿವಾಲಯ ಹವಾಮಾನ ಬದಲಾವಣೆಯ ರಾಷ್ಟ್ರೀಯ ಪರಾಮರ್ಶನ ಸಮಿತಿ ಅನುಮೋದನೆ ನೀಡಿದೆ ಎಂದು ತಿಳಿಸಿದರು.
